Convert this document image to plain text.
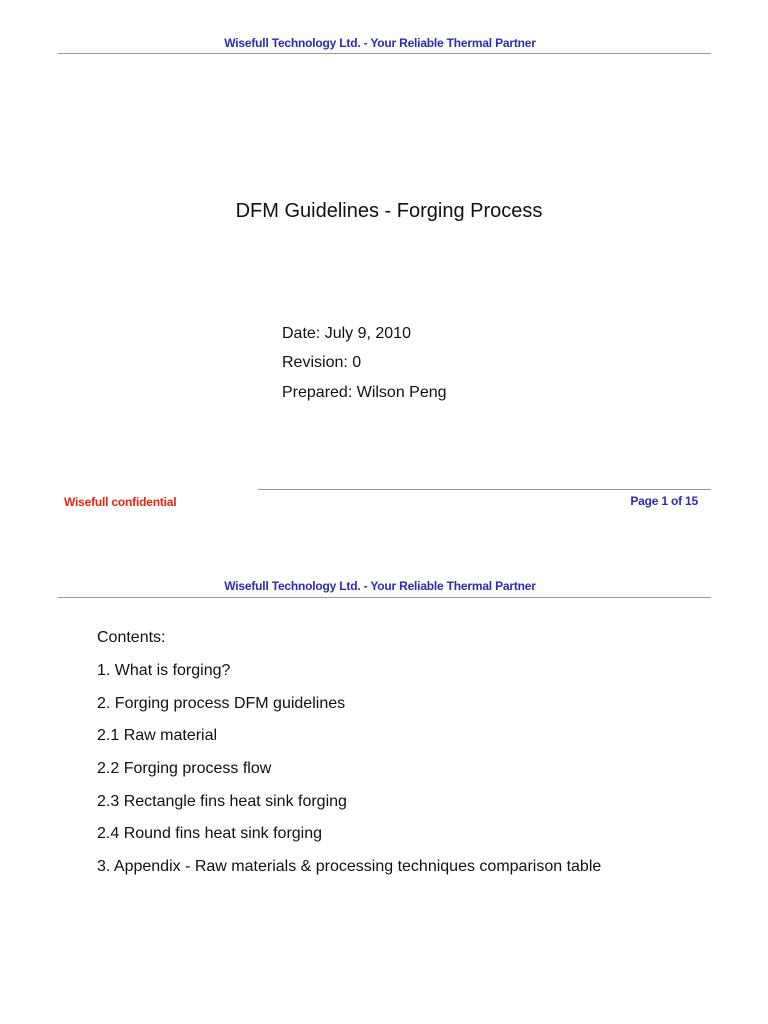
Wisefull Technology Ltd. - Your Reliable Thermal Partner
DFM Guidelines - Forging Process
Date: July 9, 2010
Revision: 0
Prepared: Wilson Peng
Wisefull confidential	Page 1 of 15
Wisefull Technology Ltd. - Your Reliable Thermal Partner
Contents:
1. What is forging?
2. Forging process DFM guidelines
2.1 Raw material
2.2 Forging process flow
2.3 Rectangle fins heat sink forging
2.4 Round fins heat sink forging
3. Appendix - Raw materials & processing techniques comparison table
